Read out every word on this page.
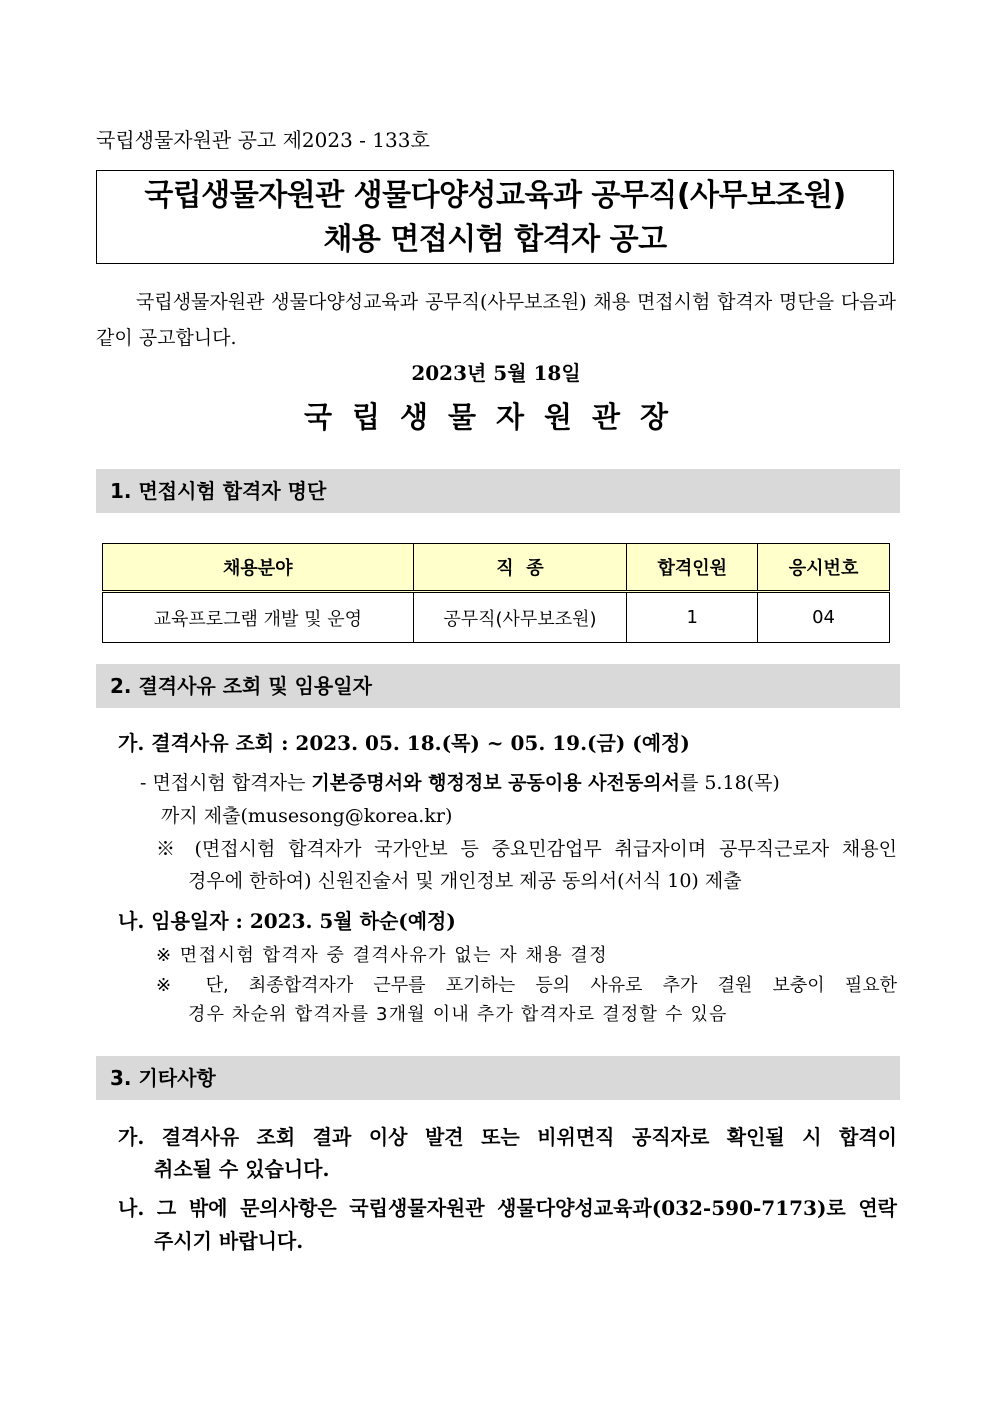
국립생물자원관 공고 제2023 - 133호
국립생물자원관 생물다양성교육과 공무직(사무보조원)
채용 면접시험 합격자 공고
국립생물자원관 생물다양성교육과 공무직(사무보조원) 채용 면접시험 합격자 명단을 다음과 같이 공고합니다.
2023년 5월 18일
국립생물자원관장
1. 면접시험 합격자 명단
채용분야	직  종	합격인원	응시번호
교육프로그램 개발 및 운영	공무직(사무보조원)	1	04
2. 결격사유 조회 및 임용일자
가. 결격사유 조회 : 2023. 05. 18.(목) ~ 05. 19.(금) (예정)
- 면접시험 합격자는 기본증명서와 행정정보 공동이용 사전동의서를 5.18(목)
까지 제출(musesong@korea.kr)
※ (면접시험 합격자가 국가안보 등 중요민감업무 취급자이며 공무직근로자 채용인
경우에 한하여) 신원진술서 및 개인정보 제공 동의서(서식 10) 제출
나. 임용일자 : 2023. 5월 하순(예정)
※ 면접시험 합격자 중 결격사유가 없는 자 채용 결정
※ 단, 최종합격자가 근무를 포기하는 등의 사유로 추가 결원 보충이 필요한
경우 차순위 합격자를 3개월 이내 추가 합격자로 결정할 수 있음
3. 기타사항
가. 결격사유 조회 결과 이상 발견 또는 비위면직 공직자로 확인될 시 합격이
취소될 수 있습니다.
나. 그 밖에 문의사항은 국립생물자원관 생물다양성교육과(032-590-7173)로 연락
주시기 바랍니다.
